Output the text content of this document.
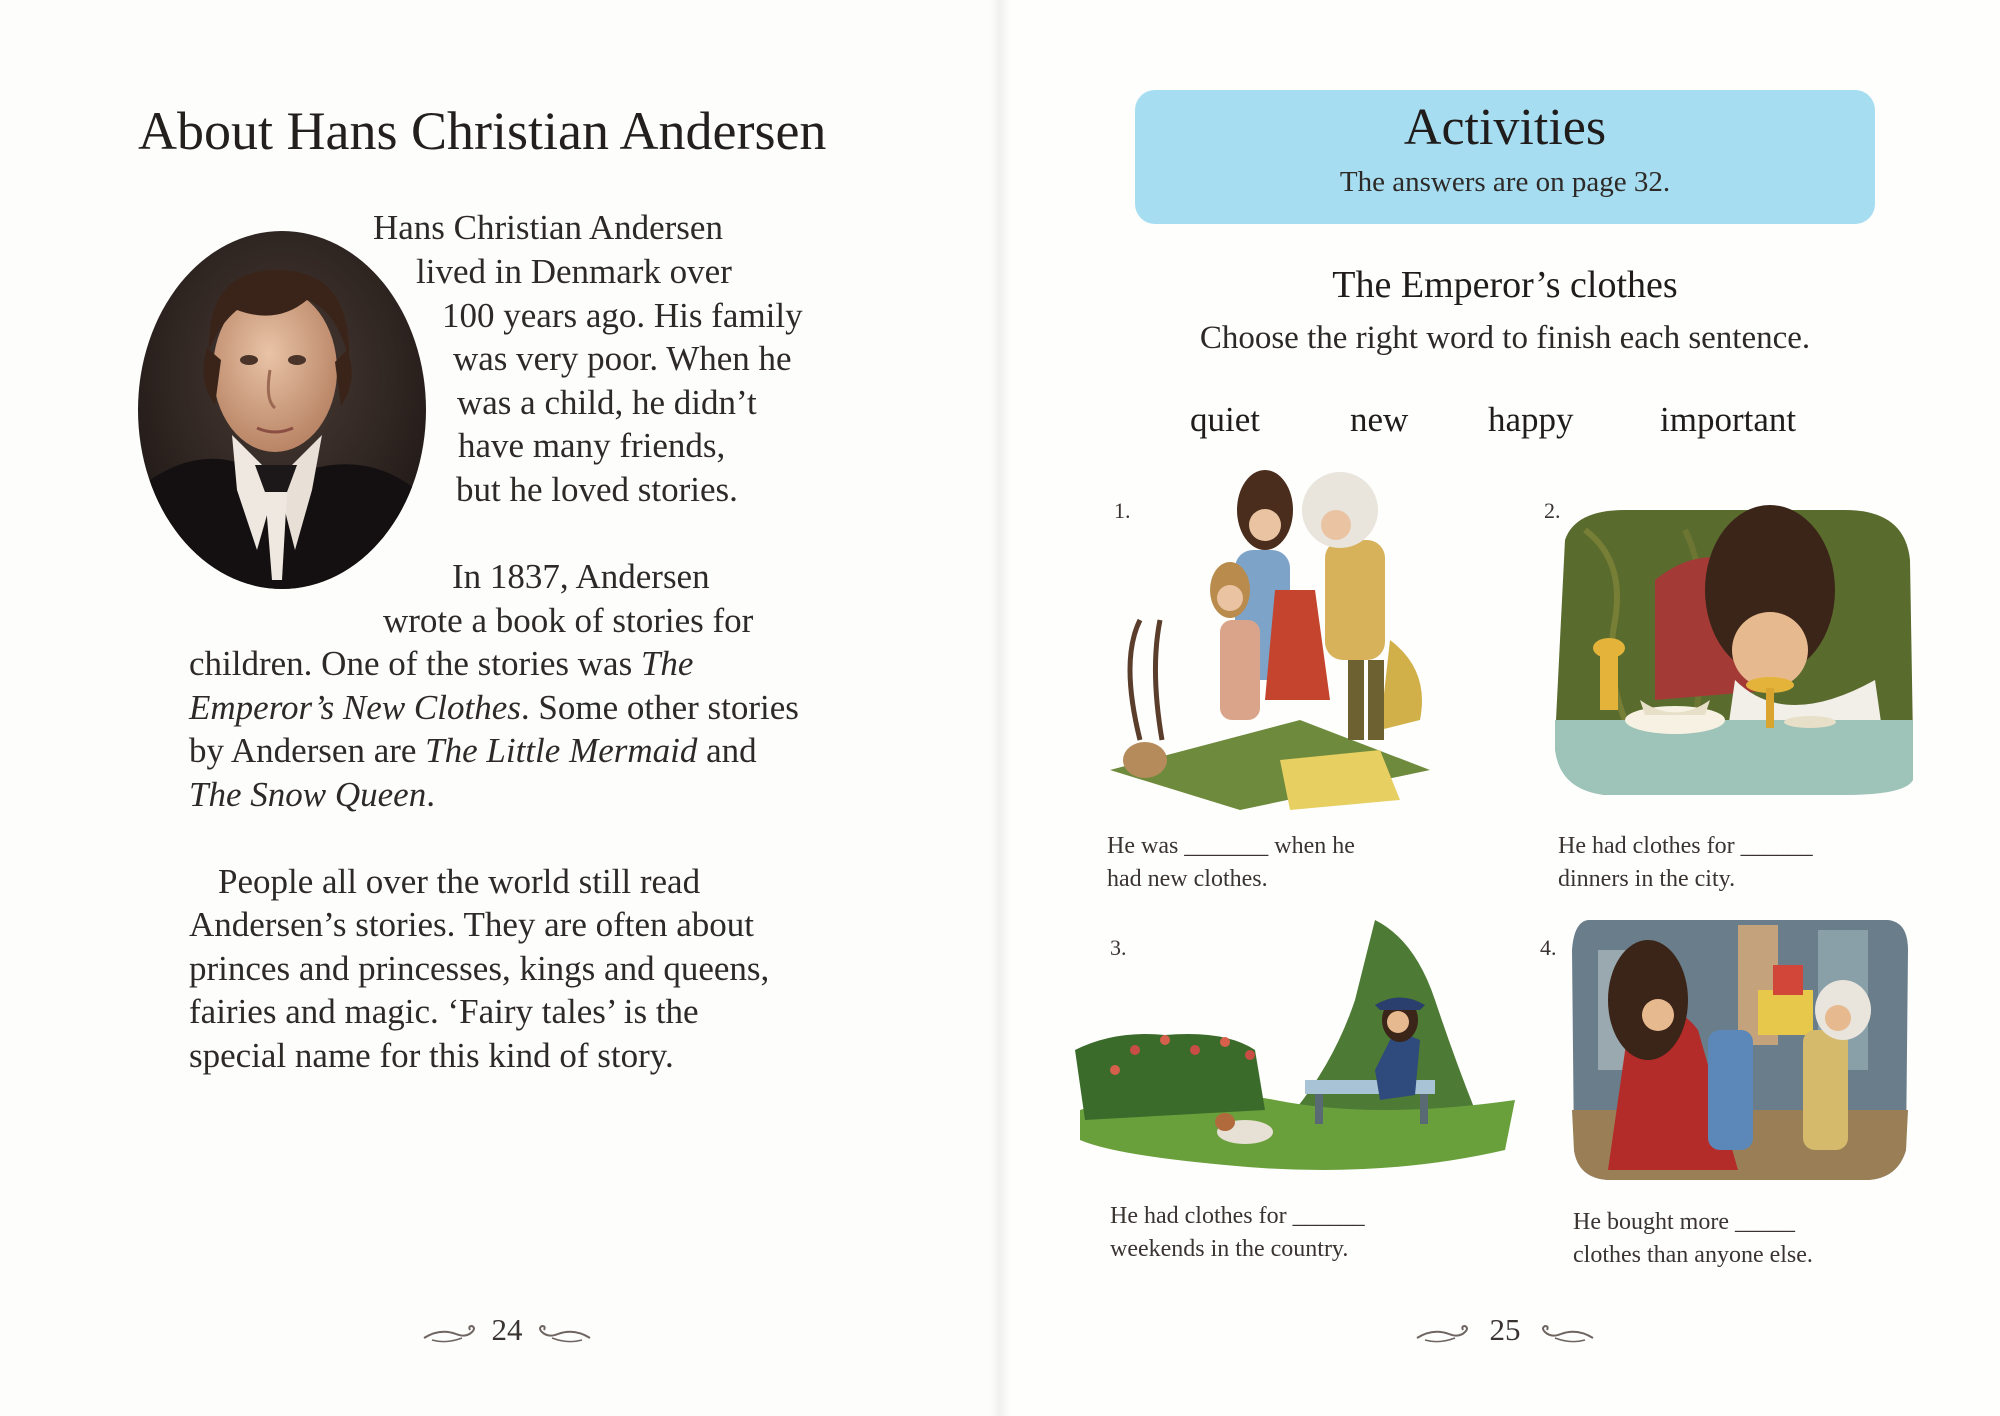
About Hans Christian Andersen
Hans Christian Andersen
lived in Denmark over
100 years ago. His family
was very poor. When he
was a child, he didn’t
have many friends,
but he loved stories.
In 1837, Andersen
wrote a book of stories for
children. One of the stories was The
Emperor’s New Clothes. Some other stories
by Andersen are The Little Mermaid and
The Snow Queen.
People all over the world still read
Andersen’s stories. They are often about
princes and princesses, kings and queens,
fairies and magic. ‘Fairy tales’ is the
special name for this kind of story.
24
Activities
The answers are on page 32.
The Emperor’s clothes
Choose the right word to finish each sentence.
quiet	new happy important
1.
He was _______ when he
had new clothes.
2.
He had clothes for ______
dinners in the city.
3.
He had clothes for ______
weekends in the country.
4.
He bought more _____
clothes than anyone else.
25
